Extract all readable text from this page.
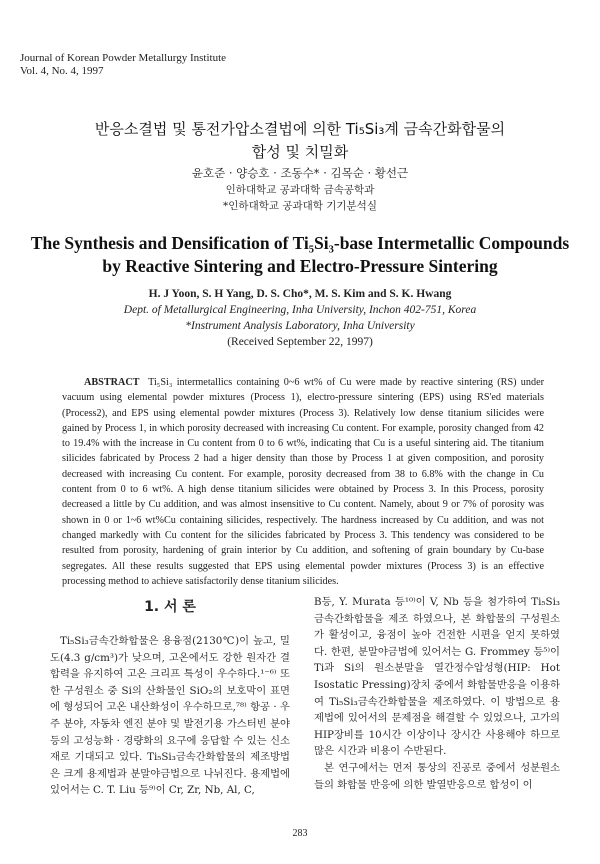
Journal of Korean Powder Metallurgy Institute
Vol. 4, No. 4, 1997
반응소결법 및 통전가압소결법에 의한 Ti₅Si₃계 금속간화합물의
합성 및 치밀화
윤호준 · 양승호 · 조동수* · 김목순 · 황선근
인하대학교 공과대학 금속공학과
*인하대학교 공과대학 기기분석실
The Synthesis and Densification of Ti₅Si₃-base Intermetallic Compounds
by Reactive Sintering and Electro-Pressure Sintering
H. J Yoon, S. H Yang, D. S. Cho*, M. S. Kim and S. K. Hwang
Dept. of Metallurgical Engineering, Inha University, Inchon 402-751, Korea
*Instrument Analysis Laboratory, Inha University
(Received September 22, 1997)
ABSTRACT Ti₅Si₃ intermetallics containing 0~6 wt% of Cu were made by reactive sintering (RS) under vacuum using elemental powder mixtures (Process 1), electro-pressure sintering (EPS) using RS'ed materials (Process2), and EPS using elemental powder mixtures (Process 3). Relatively low dense titanium silicides were gained by Process 1, in which porosity decreased with increasing Cu content. For example, porosity changed from 42 to 19.4% with the increase in Cu content from 0 to 6 wt%, indicating that Cu is a useful sintering aid. The titanium silicides fabricated by Process 2 had a higer density than those by Process 1 at given composition, and porosity decreased with increasing Cu content. For example, porosity decreased from 38 to 6.8% with the change in Cu content from 0 to 6 wt%. A high dense titanium silicides were obtained by Process 3. In this Process, porosity decreased a little by Cu addition, and was almost insensitive to Cu content. Namely, about 9 or 7% of porosity was shown in 0 or 1~6 wt%Cu containing silicides, respectively. The hardness increased by Cu addition, and was not changed markedly with Cu content for the silicides fabricated by Process 3. This tendency was considered to be resulted from porosity, hardening of grain interior by Cu addition, and softening of grain boundary by Cu-base segregates. All these results suggested that EPS using elemental powder mixtures (Process 3) is an effective processing method to achieve satisfactorily dense titanium silicides.
1. 서 론
Ti₅Si₃금속간화합물은 용융점(2130℃)이 높고, 밀도(4.3 g/cm³)가 낮으며, 고온에서도 강한 원자간 결합력을 유지하여 고온 크리프 특성이 우수하다.¹⁻⁶⁾ 또한 구성원소 중 Si의 산화물인 SiO₂의 보호막이 표면에 형성되어 고온 내산화성이 우수하므로,⁷⁸⁾ 항공 · 우주 분야, 자동차 엔진 분야 및 발전기용 가스터빈 분야등의 고성능화 · 경량화의 요구에 응답할 수 있는 신소재로 기대되고 있다. Ti₅Si₃금속간화합물의 제조방법은 크게 용제법과 분말야금법으로 나뉘진다. 용제법에 있어서는 C. T. Liu 등⁹⁾이 Cr, Zr, Nb, Al, C,
B등, Y. Murata 등¹⁰⁾이 V, Nb 등을 첨가하여 Ti₅Si₃금속간화합물을 제조 하였으나, 본 화합물의 구성원소가 활성이고, 융점이 높아 건전한 시편을 얻지 못하였다. 한편, 분말야금법에 있어서는 G. Frommey 등⁵⁾이 Ti과 Si의 원소분말을 열간정수압성형(HIP: Hot Isostatic Pressing)장치 중에서 화합물반응을 이용하여 Ti₅Si₃금속간화합물을 제조하였다. 이 방법으로 용제법에 있어서의 문제점을 해결할 수 있었으나, 고가의 HIP장비를 10시간 이상이나 장시간 사용해야 하므로 많은 시간과 비용이 수반된다.
본 연구에서는 먼저 통상의 진공로 중에서 성분원소들의 화합물 반응에 의한 발열반응으로 합성이 이
283
